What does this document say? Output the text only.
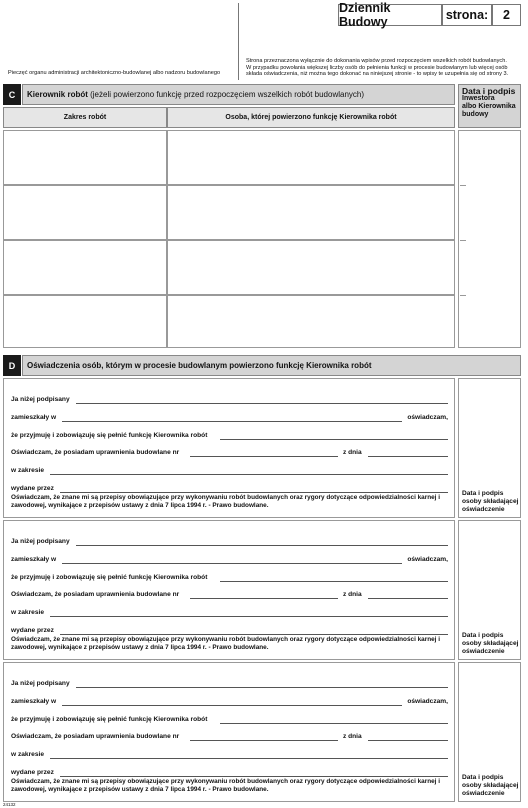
Pieczęć organu administracji architektoniczno-budowlanej albo nadzoru budowlanego
Dziennik Budowy	strona: 2
Strona przeznaczona wyłącznie do dokonania wpisów przed rozpoczęciem wszelkich robót budowlanych.
W przypadku powołania większej liczby osób do pełnienia funkcji w procesie budowlanym lub więcej osób
składa oświadczenia, niż można tego dokonać na niniejszej stronie - to wpisy te uzupełnia się od strony 3.
C	Kierownik robót (jeżeli powierzono funkcję przed rozpoczęciem wszelkich robót budowlanych)	Data i podpis
Inwestora
albo Kierownika
budowy
Zakres robót	Osoba, której powierzono funkcję Kierownika robót
D	Oświadczenia osób, którym w procesie budowlanym powierzono funkcję Kierownika robót
Ja niżej podpisany
zamieszkały w	oświadczam,
że przyjmuję i zobowiązuję się pełnić funkcję Kierownika robót
Oświadczam, że posiadam uprawnienia budowlane nr	z dnia
w zakresie
wydane przez
Oświadczam, że znane mi są przepisy obowiązujące przy wykonywaniu robót budowlanych oraz rygory dotyczące odpowiedzialności karnej i zawodowej, wynikające z przepisów ustawy z dnia 7 lipca 1994 r. - Prawo budowlane.
Data i podpis
osoby składającej
oświadczenie
Ja niżej podpisany
zamieszkały w	oświadczam,
że przyjmuję i zobowiązuję się pełnić funkcję Kierownika robót
Oświadczam, że posiadam uprawnienia budowlane nr	z dnia
w zakresie
wydane przez
Oświadczam, że znane mi są przepisy obowiązujące przy wykonywaniu robót budowlanych oraz rygory dotyczące odpowiedzialności karnej i zawodowej, wynikające z przepisów ustawy z dnia 7 lipca 1994 r. - Prawo budowlane.
Data i podpis
osoby składającej
oświadczenie
Ja niżej podpisany
zamieszkały w	oświadczam,
że przyjmuję i zobowiązuję się pełnić funkcję Kierownika robót
Oświadczam, że posiadam uprawnienia budowlane nr	z dnia
w zakresie
wydane przez
Oświadczam, że znane mi są przepisy obowiązujące przy wykonywaniu robót budowlanych oraz rygory dotyczące odpowiedzialności karnej i zawodowej, wynikające z przepisów ustawy z dnia 7 lipca 1994 r. - Prawo budowlane.
Data i podpis
osoby składającej
oświadczenie
24132
